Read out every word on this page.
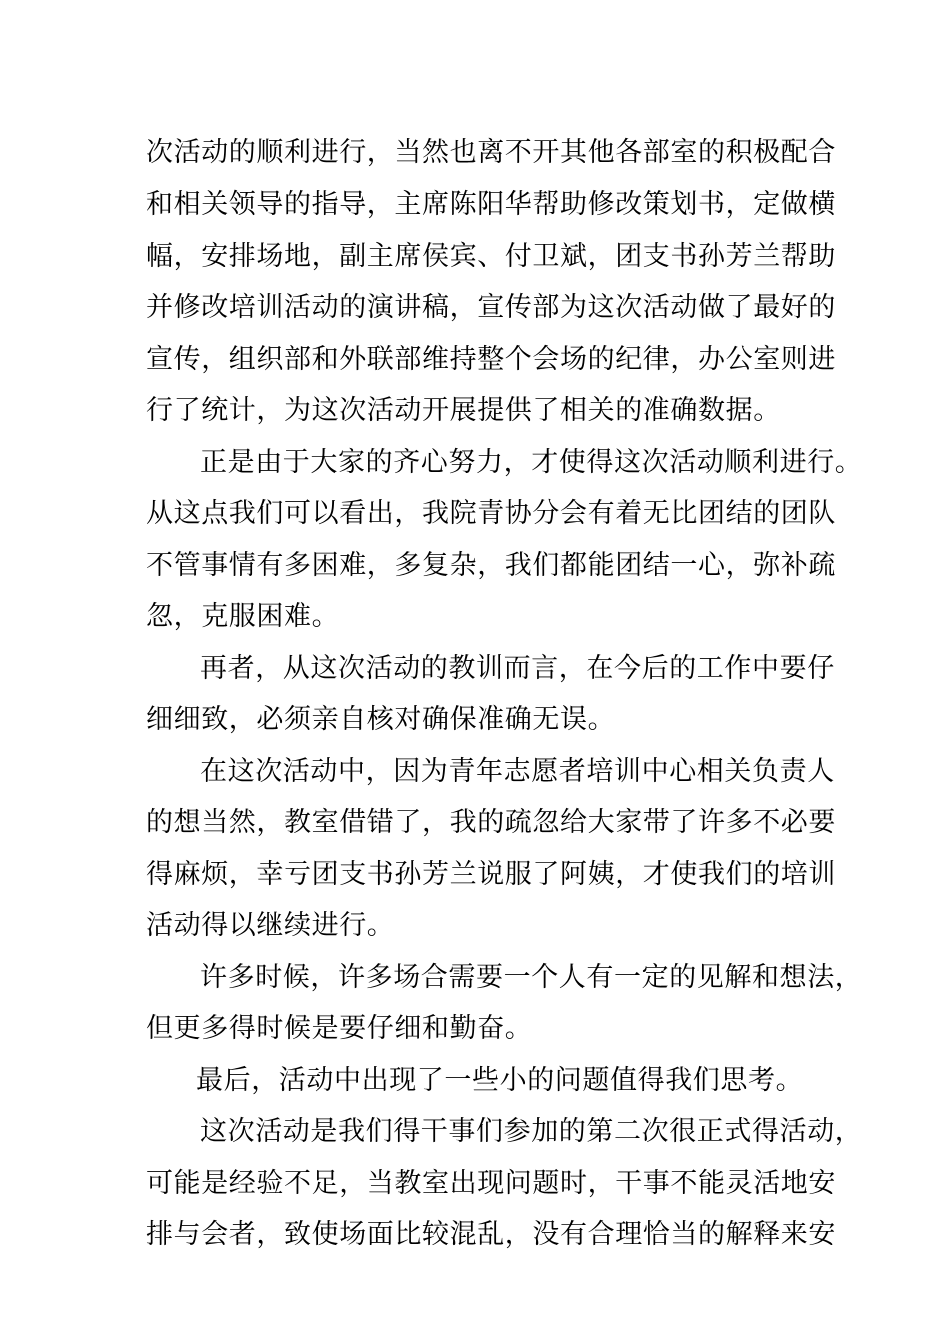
次活动的顺利进行，当然也离不开其他各部室的积极配合
和相关领导的指导，主席陈阳华帮助修改策划书，定做横
幅，安排场地，副主席侯宾、付卫斌，团支书孙芳兰帮助
并修改培训活动的演讲稿，宣传部为这次活动做了最好的
宣传，组织部和外联部维持整个会场的纪律，办公室则进
行了统计，为这次活动开展提供了相关的准确数据。
正是由于大家的齐心努力，才使得这次活动顺利进行。
从这点我们可以看出，我院青协分会有着无比团结的团队
不管事情有多困难，多复杂，我们都能团结一心，弥补疏
忽，克服困难。
再者，从这次活动的教训而言，在今后的工作中要仔
细细致，必须亲自核对确保准确无误。
在这次活动中，因为青年志愿者培训中心相关负责人
的想当然，教室借错了，我的疏忽给大家带了许多不必要
得麻烦，幸亏团支书孙芳兰说服了阿姨，才使我们的培训
活动得以继续进行。
许多时候，许多场合需要一个人有一定的见解和想法，
但更多得时候是要仔细和勤奋。
最后，活动中出现了一些小的问题值得我们思考。
这次活动是我们得干事们参加的第二次很正式得活动，
可能是经验不足，当教室出现问题时，干事不能灵活地安
排与会者，致使场面比较混乱，没有合理恰当的解释来安
